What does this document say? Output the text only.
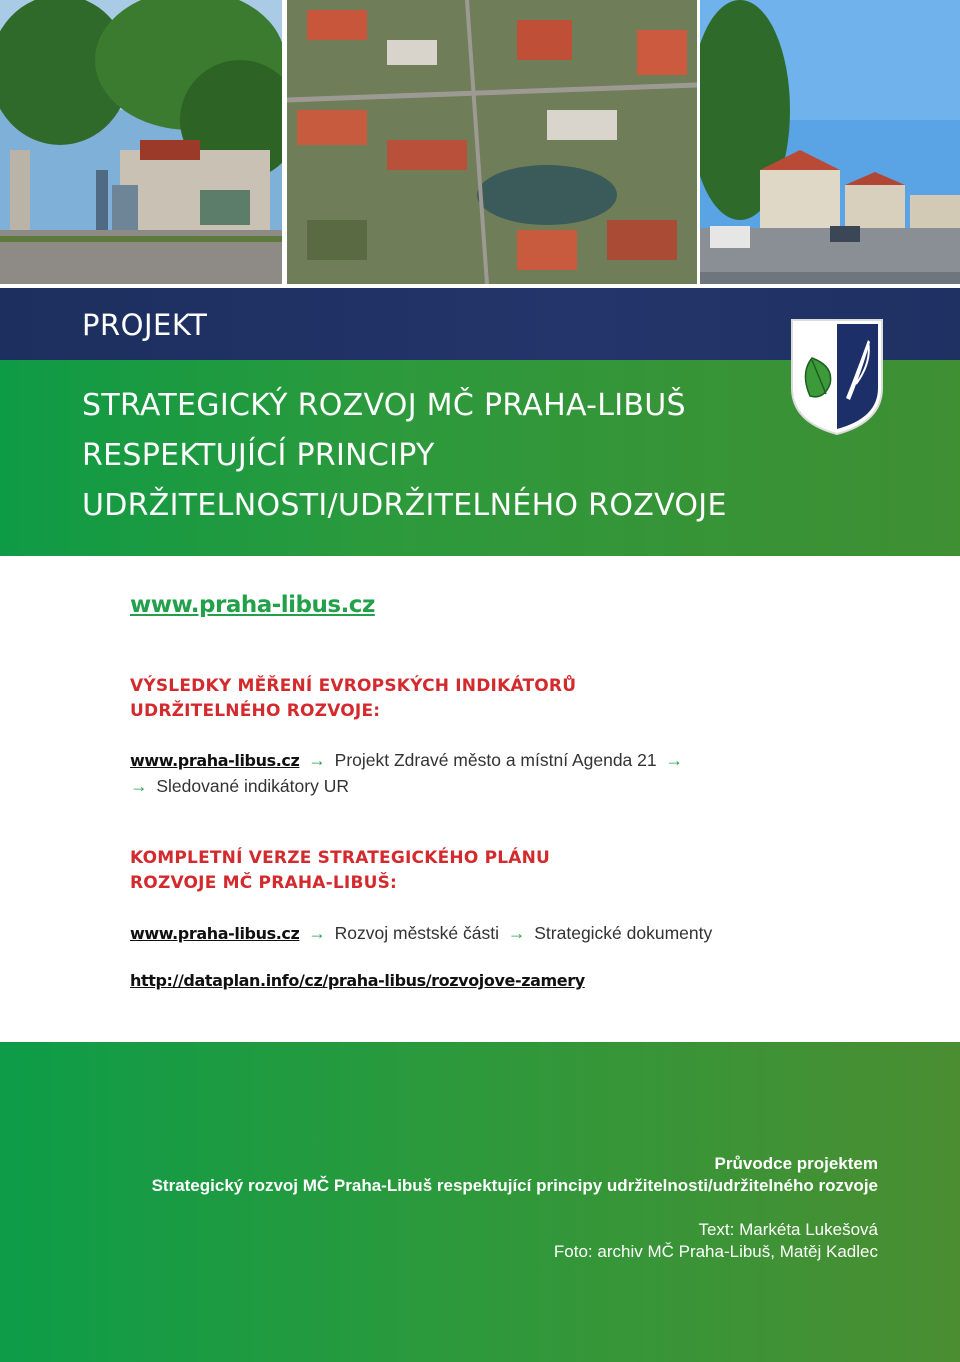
PROJEKT
STRATEGICKÝ ROZVOJ MČ PRAHA-LIBUŠ
RESPEKTUJÍCÍ PRINCIPY
UDRŽITELNOSTI/UDRŽITELNÉHO ROZVOJE
www.praha-libus.cz
VÝSLEDKY MĚŘENÍ EVROPSKÝCH INDIKÁTORŮ
UDRŽITELNÉHO ROZVOJE:
www.praha-libus.cz → Projekt Zdravé město a místní Agenda 21 →
→ Sledované indikátory UR
KOMPLETNÍ VERZE STRATEGICKÉHO PLÁNU
ROZVOJE MČ PRAHA-LIBUŠ:
www.praha-libus.cz → Rozvoj městské části → Strategické dokumenty
http://dataplan.info/cz/praha-libus/rozvojove-zamery
Průvodce projektem
Strategický rozvoj MČ Praha-Libuš respektující principy udržitelnosti/udržitelného rozvoje
Text: Markéta Lukešová
Foto: archiv MČ Praha-Libuš, Matěj Kadlec
